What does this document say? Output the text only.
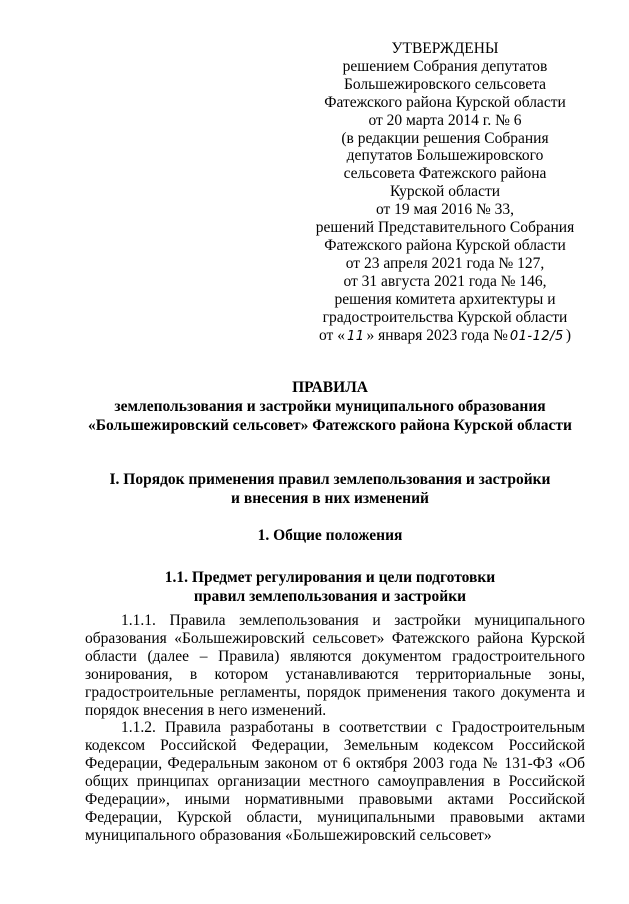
УТВЕРЖДЕНЫ
решением Собрания депутатов
Большежировского сельсовета
Фатежского района Курской области
от 20 марта 2014 г. № 6
(в редакции решения Собрания
депутатов Большежировского
сельсовета Фатежского района
Курской области
от 19 мая 2016 № 33,
решений Представительного Собрания
Фатежского района Курской области
от 23 апреля 2021 года № 127,
от 31 августа 2021 года № 146,
решения комитета архитектуры и
градостроительства Курской области
от « 11 » января 2023 года № 01-12/5 )
ПРАВИЛА
землепользования и застройки муниципального образования
«Большежировский сельсовет» Фатежского района Курской области
I. Порядок применения правил землепользования и застройки
и внесения в них изменений
1. Общие положения
1.1. Предмет регулирования и цели подготовки
правил землепользования и застройки

1.1.1. Правила землепользования и застройки муниципального образования «Большежировский сельсовет» Фатежского района Курской области (далее – Правила) являются документом градостроительного зонирования, в котором устанавливаются территориальные зоны, градостроительные регламенты, порядок применения такого документа и порядок внесения в него изменений.

1.1.2. Правила разработаны в соответствии с Градостроительным кодексом Российской Федерации, Земельным кодексом Российской Федерации, Федеральным законом от 6 октября 2003 года № 131-ФЗ «Об общих принципах организации местного самоуправления в Российской Федерации», иными нормативными правовыми актами Российской Федерации, Курской области, муниципальными правовыми актами муниципального образования «Большежировский сельсовет»
